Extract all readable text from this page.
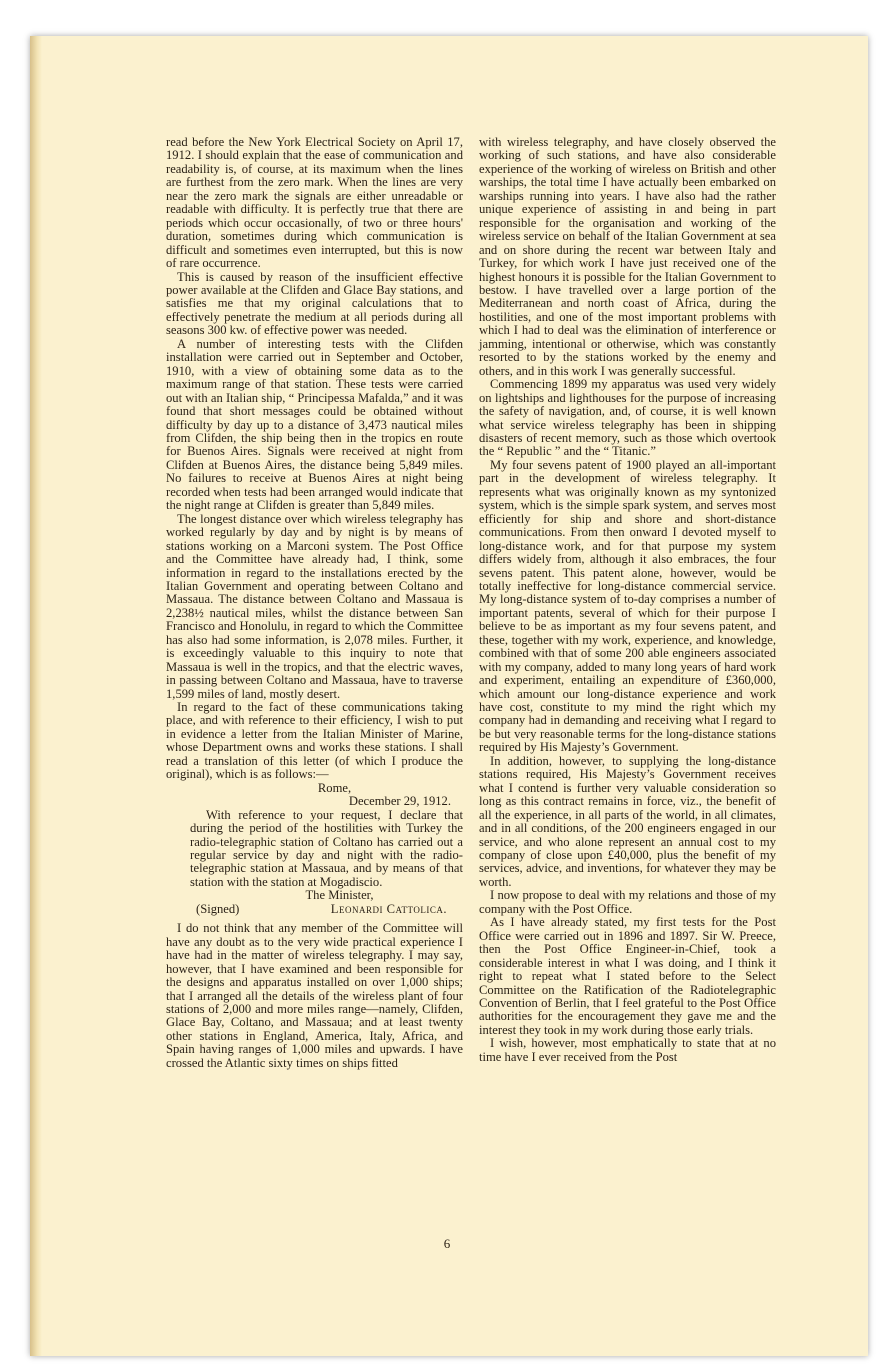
read before the New York Electrical Society on April 17, 1912. I should explain that the ease of communication and readability is, of course, at its maximum when the lines are furthest from the zero mark. When the lines are very near the zero mark the signals are either unreadable or readable with difficulty. It is perfectly true that there are periods which occur occasionally, of two or three hours' duration, sometimes during which communication is difficult and sometimes even interrupted, but this is now of rare occurrence.

This is caused by reason of the insufficient effective power available at the Clifden and Glace Bay stations, and satisfies me that my original calculations that to effectively penetrate the medium at all periods during all seasons 300 kw. of effective power was needed.

A number of interesting tests with the Clifden installation were carried out in September and October, 1910, with a view of obtaining some data as to the maximum range of that station. These tests were carried out with an Italian ship, “ Principessa Mafalda,” and it was found that short messages could be obtained without difficulty by day up to a distance of 3,473 nautical miles from Clifden, the ship being then in the tropics en route for Buenos Aires. Signals were received at night from Clifden at Buenos Aires, the distance being 5,849 miles. No failures to receive at Buenos Aires at night being recorded when tests had been arranged would indicate that the night range at Clifden is greater than 5,849 miles.

The longest distance over which wireless telegraphy has worked regularly by day and by night is by means of stations working on a Marconi system. The Post Office and the Committee have already had, I think, some information in regard to the installations erected by the Italian Government and operating between Coltano and Massaua. The distance between Coltano and Massaua is 2,238½ nautical miles, whilst the distance between San Francisco and Honolulu, in regard to which the Committee has also had some information, is 2,078 miles. Further, it is exceedingly valuable to this inquiry to note that Massaua is well in the tropics, and that the electric waves, in passing between Coltano and Massaua, have to traverse 1,599 miles of land, mostly desert.

In regard to the fact of these communications taking place, and with reference to their efficiency, I wish to put in evidence a letter from the Italian Minister of Marine, whose Department owns and works these stations. I shall read a translation of this letter (of which I produce the original), which is as follows:—

Rome,

December 29, 1912.

With reference to your request, I declare that during the period of the hostilities with Turkey the radio-telegraphic station of Coltano has carried out a regular service by day and night with the radio-telegraphic station at Massaua, and by means of that station with the station at Mogadiscio.

The Minister,

(Signed)	Leonardi Cattolica.

I do not think that any member of the Committee will have any doubt as to the very wide practical experience I have had in the matter of wireless telegraphy. I may say, however, that I have examined and been responsible for the designs and apparatus installed on over 1,000 ships; that I arranged all the details of the wireless plant of four stations of 2,000 and more miles range—namely, Clifden, Glace Bay, Coltano, and Massaua; and at least twenty other stations in England, America, Italy, Africa, and Spain having ranges of 1,000 miles and upwards. I have crossed the Atlantic sixty times on ships fitted

with wireless telegraphy, and have closely observed the working of such stations, and have also considerable experience of the working of wireless on British and other warships, the total time I have actually been embarked on warships running into years. I have also had the rather unique experience of assisting in and being in part responsible for the organisation and working of the wireless service on behalf of the Italian Government at sea and on shore during the recent war between Italy and Turkey, for which work I have just received one of the highest honours it is possible for the Italian Government to bestow. I have travelled over a large portion of the Mediterranean and north coast of Africa, during the hostilities, and one of the most important problems with which I had to deal was the elimination of interference or jamming, intentional or otherwise, which was constantly resorted to by the stations worked by the enemy and others, and in this work I was generally successful.

Commencing 1899 my apparatus was used very widely on lightships and lighthouses for the purpose of increasing the safety of navigation, and, of course, it is well known what service wireless telegraphy has been in shipping disasters of recent memory, such as those which overtook the “ Republic ” and the “ Titanic.”

My four sevens patent of 1900 played an all-important part in the development of wireless telegraphy. It represents what was originally known as my syntonized system, which is the simple spark system, and serves most efficiently for ship and shore and short-distance communications. From then onward I devoted myself to long-distance work, and for that purpose my system differs widely from, although it also embraces, the four sevens patent. This patent alone, however, would be totally ineffective for long-distance commercial service. My long-distance system of to-day comprises a number of important patents, several of which for their purpose I believe to be as important as my four sevens patent, and these, together with my work, experience, and knowledge, combined with that of some 200 able engineers associated with my company, added to many long years of hard work and experiment, entailing an expenditure of £360,000, which amount our long-distance experience and work have cost, constitute to my mind the right which my company had in demanding and receiving what I regard to be but very reasonable terms for the long-distance stations required by His Majesty’s Government.

In addition, however, to supplying the long-distance stations required, His Majesty’s Government receives what I contend is further very valuable consideration so long as this contract remains in force, viz., the benefit of all the experience, in all parts of the world, in all climates, and in all conditions, of the 200 engineers engaged in our service, and who alone represent an annual cost to my company of close upon £40,000, plus the benefit of my services, advice, and inventions, for whatever they may be worth.

I now propose to deal with my relations and those of my company with the Post Office.

As I have already stated, my first tests for the Post Office were carried out in 1896 and 1897. Sir W. Preece, then the Post Office Engineer-in-Chief, took a considerable interest in what I was doing, and I think it right to repeat what I stated before to the Select Committee on the Ratification of the Radiotelegraphic Convention of Berlin, that I feel grateful to the Post Office authorities for the encouragement they gave me and the interest they took in my work during those early trials.

I wish, however, most emphatically to state that at no time have I ever received from the Post

6
